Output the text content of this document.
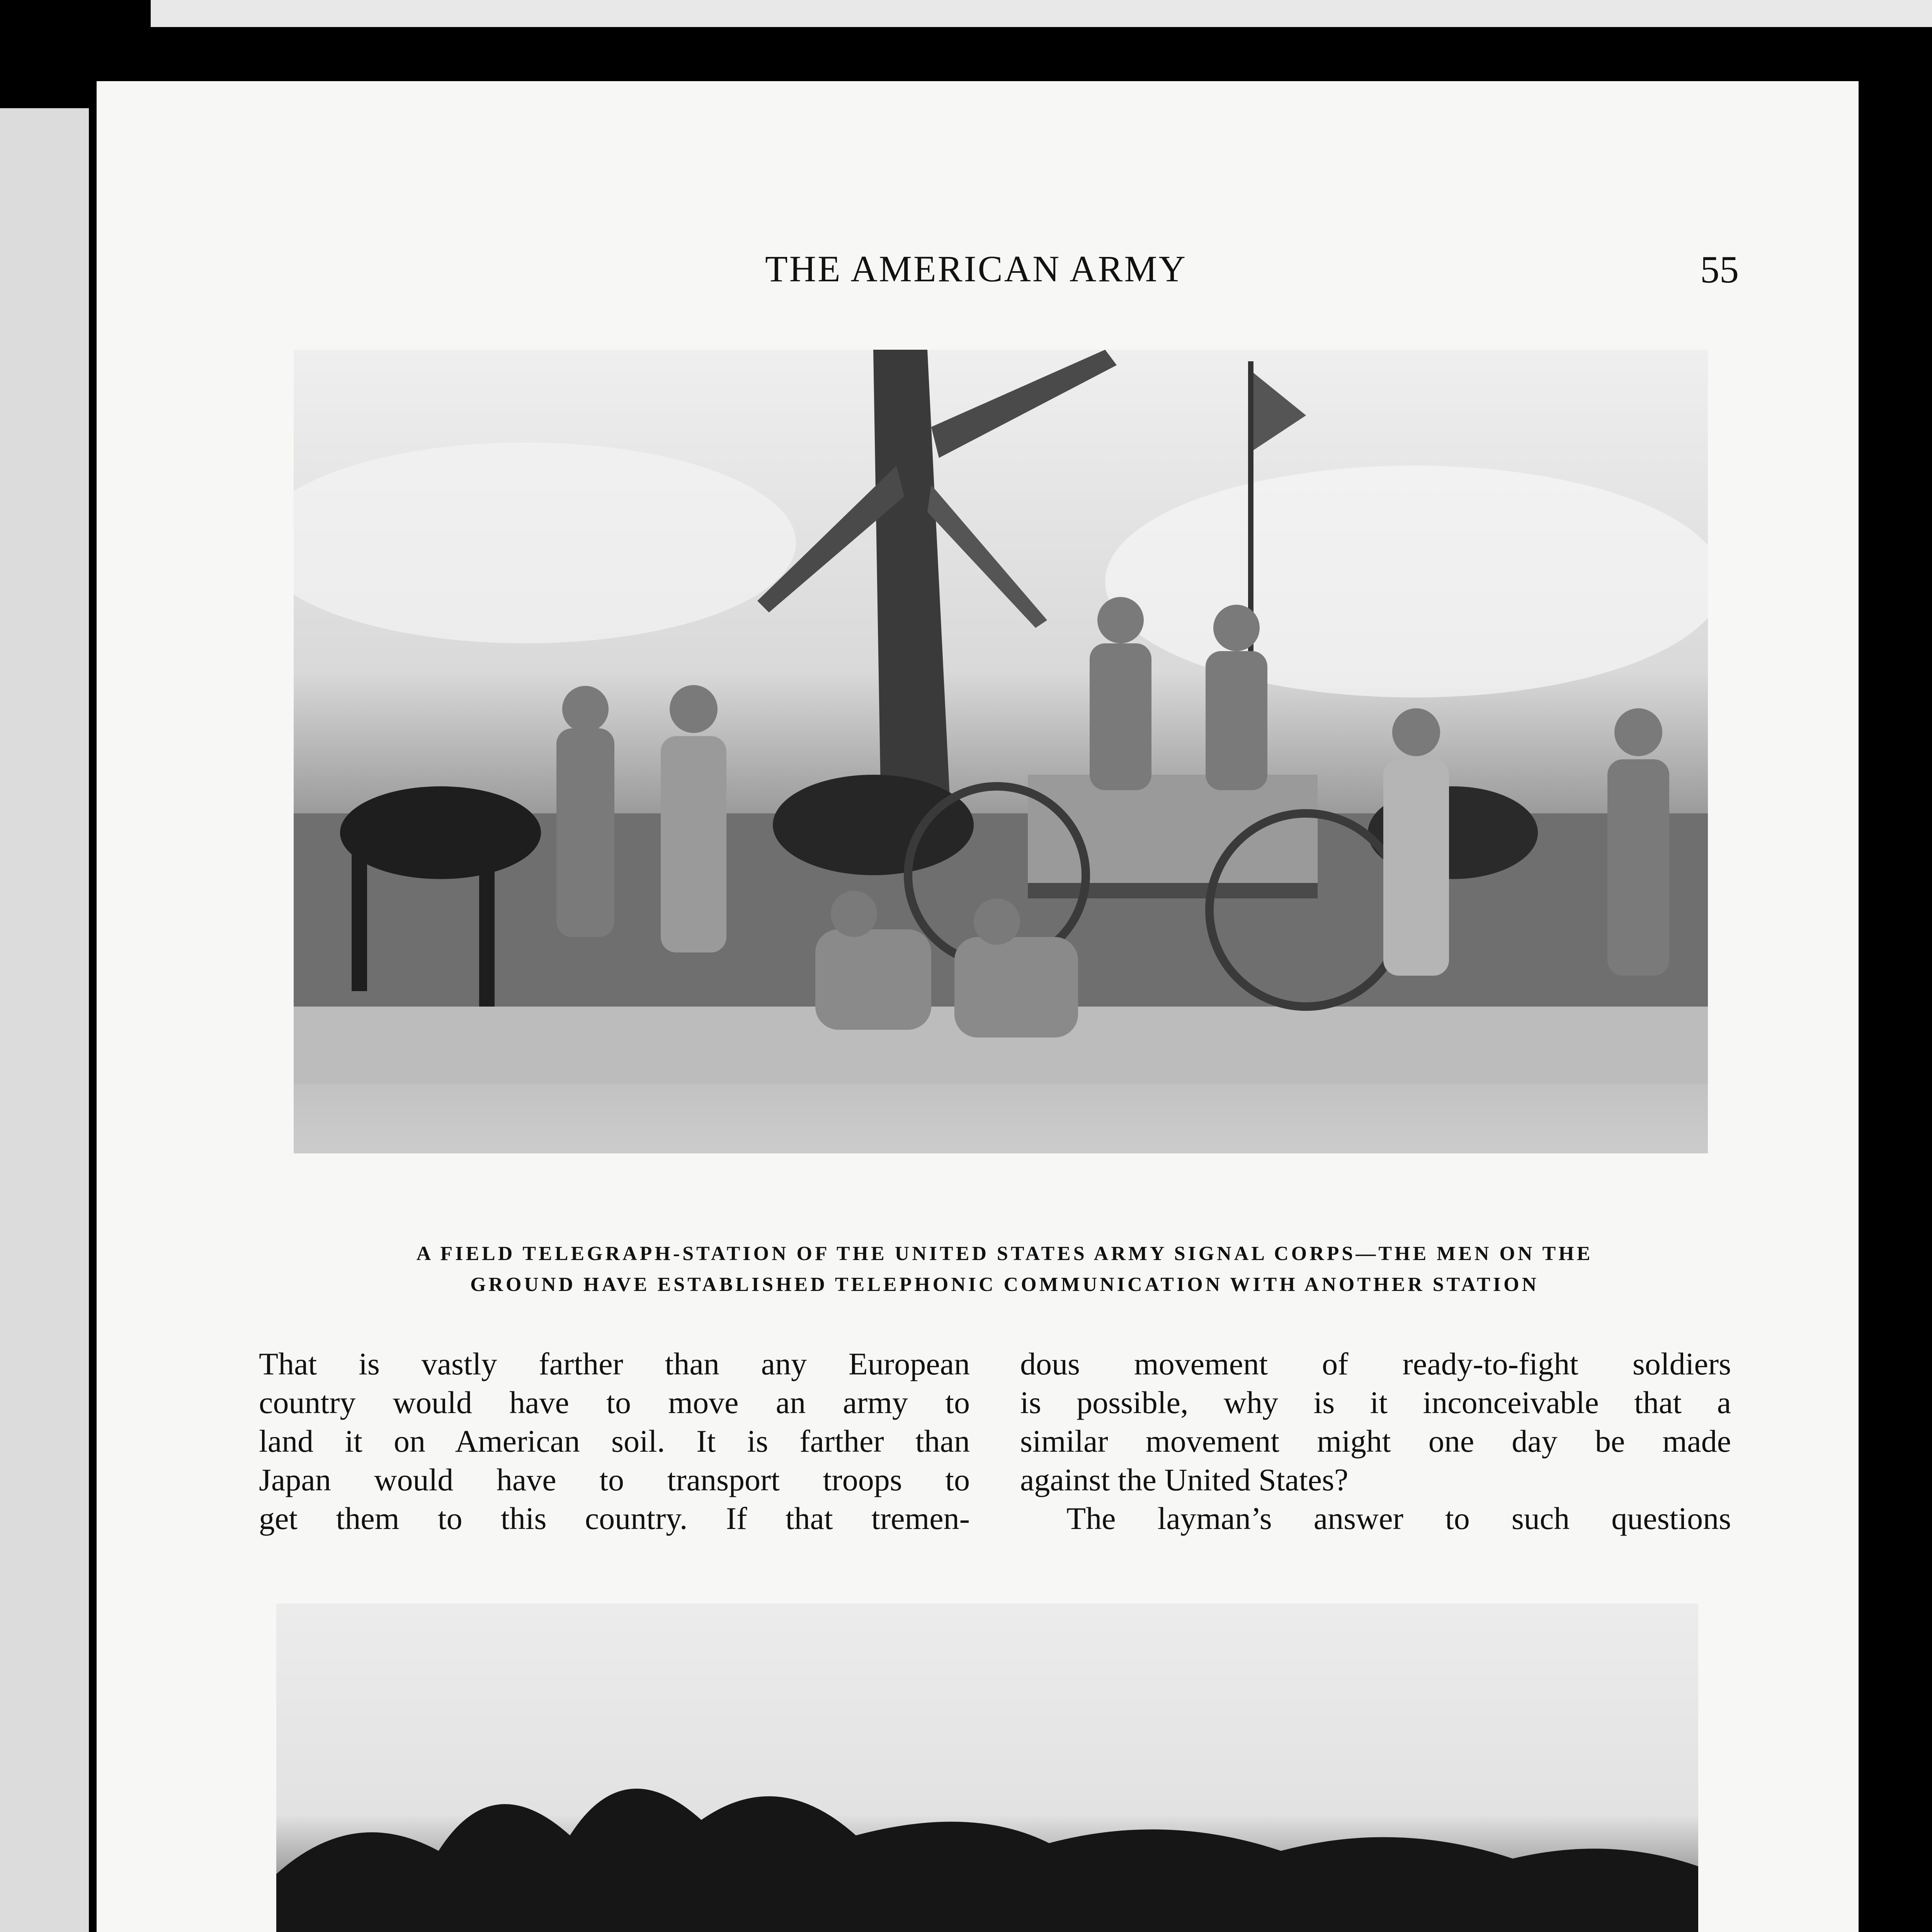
THE AMERICAN ARMY	55
A FIELD TELEGRAPH-STATION OF THE UNITED STATES ARMY SIGNAL CORPS—THE MEN ON THE
GROUND HAVE ESTABLISHED TELEPHONIC COMMUNICATION WITH ANOTHER STATION

That is vastly farther than any European

country would have to move an army to

land it on American soil. It is farther than

Japan would have to transport troops to

get them to this country. If that tremen-

dous movement of ready-to-fight soldiers

is possible, why is it inconceivable that a

similar movement might one day be made

against the United States?

The layman’s answer to such questions
